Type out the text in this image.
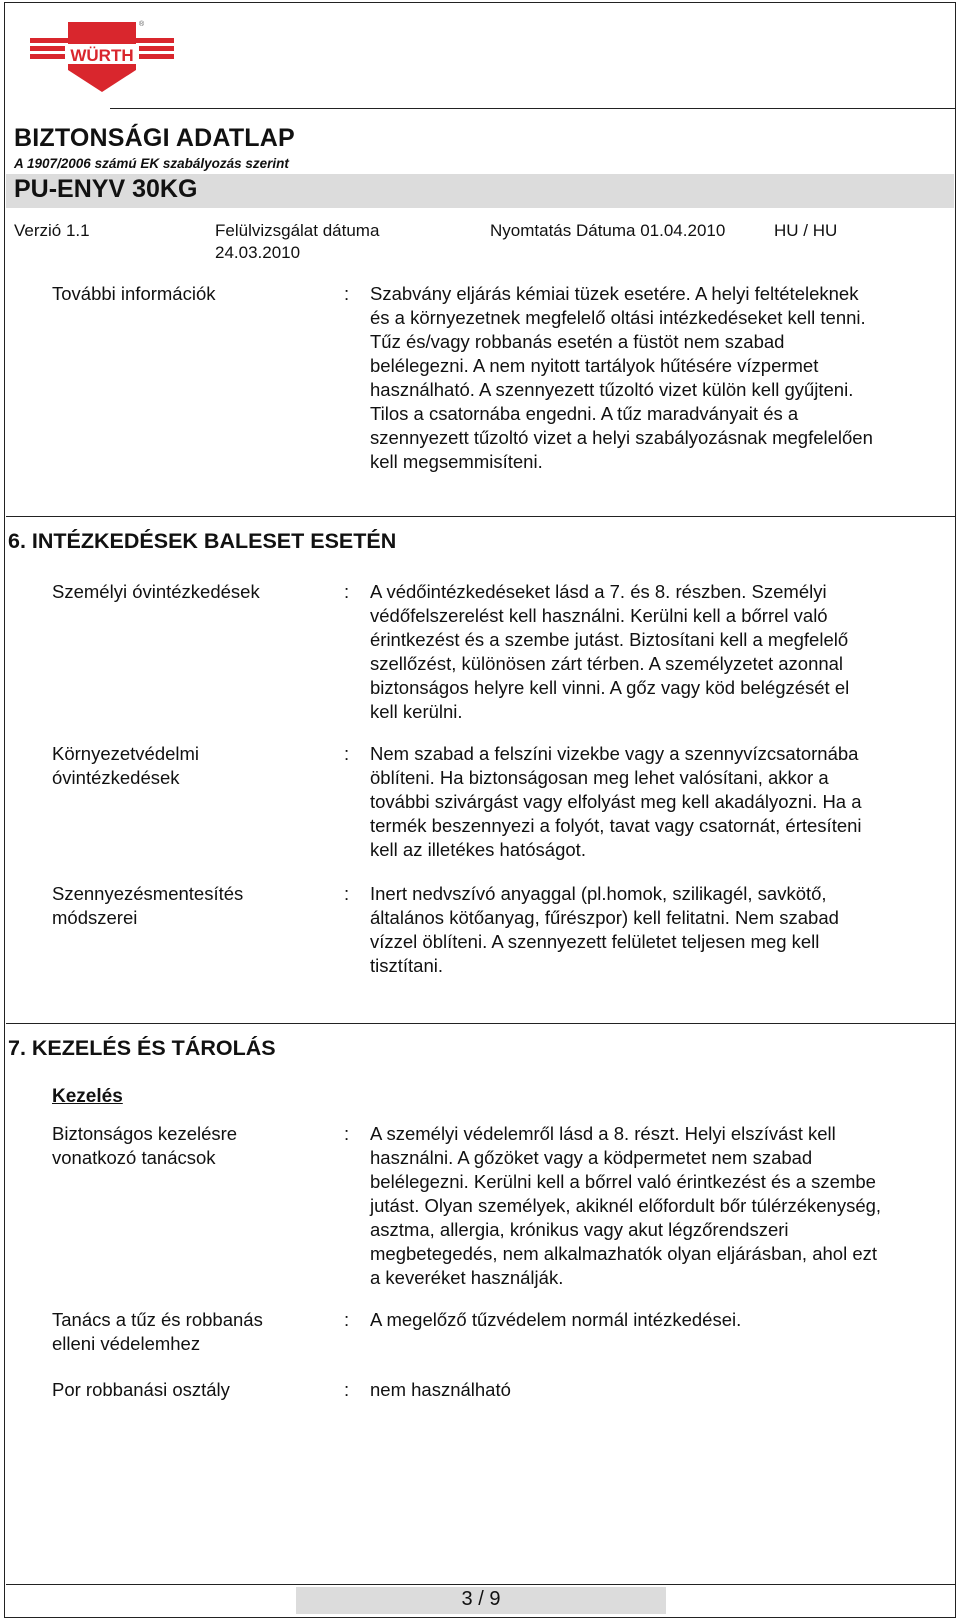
WÜRTH
®
BIZTONSÁGI ADATLAP
A 1907/2006 számú EK szabályozás szerint
PU-ENYV 30KG
Verzió 1.1	Felülvizsgálat dátuma
24.03.2010
Nyomtatás Dátuma 01.04.2010	HU / HU
További információk	: Szabvány eljárás kémiai tüzek esetére. A helyi feltételeknek
és a környezetnek megfelelő oltási intézkedéseket kell tenni.
Tűz és/vagy robbanás esetén a füstöt nem szabad
belélegezni. A nem nyitott tartályok hűtésére vízpermet
használható. A szennyezett tűzoltó vizet külön kell gyűjteni.
Tilos a csatornába engedni. A tűz maradványait és a
szennyezett tűzoltó vizet a helyi szabályozásnak megfelelően
kell megsemmisíteni.
6. INTÉZKEDÉSEK BALESET ESETÉN
Személyi óvintézkedések	: A védőintézkedéseket lásd a 7. és 8. részben. Személyi
védőfelszerelést kell használni. Kerülni kell a bőrrel való
érintkezést és a szembe jutást. Biztosítani kell a megfelelő
szellőzést, különösen zárt térben. A személyzetet azonnal
biztonságos helyre kell vinni. A gőz vagy köd belégzését el
kell kerülni.
Környezetvédelmi
óvintézkedések
: Nem szabad a felszíni vizekbe vagy a szennyvízcsatornába
öblíteni. Ha biztonságosan meg lehet valósítani, akkor a
további szivárgást vagy elfolyást meg kell akadályozni. Ha a
termék beszennyezi a folyót, tavat vagy csatornát, értesíteni
kell az illetékes hatóságot.
Szennyezésmentesítés
módszerei
: Inert nedvszívó anyaggal (pl.homok, szilikagél, savkötő,
általános kötőanyag, fűrészpor) kell felitatni. Nem szabad
vízzel öblíteni. A szennyezett felületet teljesen meg kell
tisztítani.
7. KEZELÉS ÉS TÁROLÁS
Kezelés
Biztonságos kezelésre
vonatkozó tanácsok
: A személyi védelemről lásd a 8. részt. Helyi elszívást kell
használni. A gőzöket vagy a ködpermetet nem szabad
belélegezni. Kerülni kell a bőrrel való érintkezést és a szembe
jutást. Olyan személyek, akiknél előfordult bőr túlérzékenység,
asztma, allergia, krónikus vagy akut légzőrendszeri
megbetegedés, nem alkalmazhatók olyan eljárásban, ahol ezt
a keveréket használják.
Tanács a tűz és robbanás
elleni védelemhez
: A megelőző tűzvédelem normál intézkedései.
Por robbanási osztály	: nem használható
3 / 9
